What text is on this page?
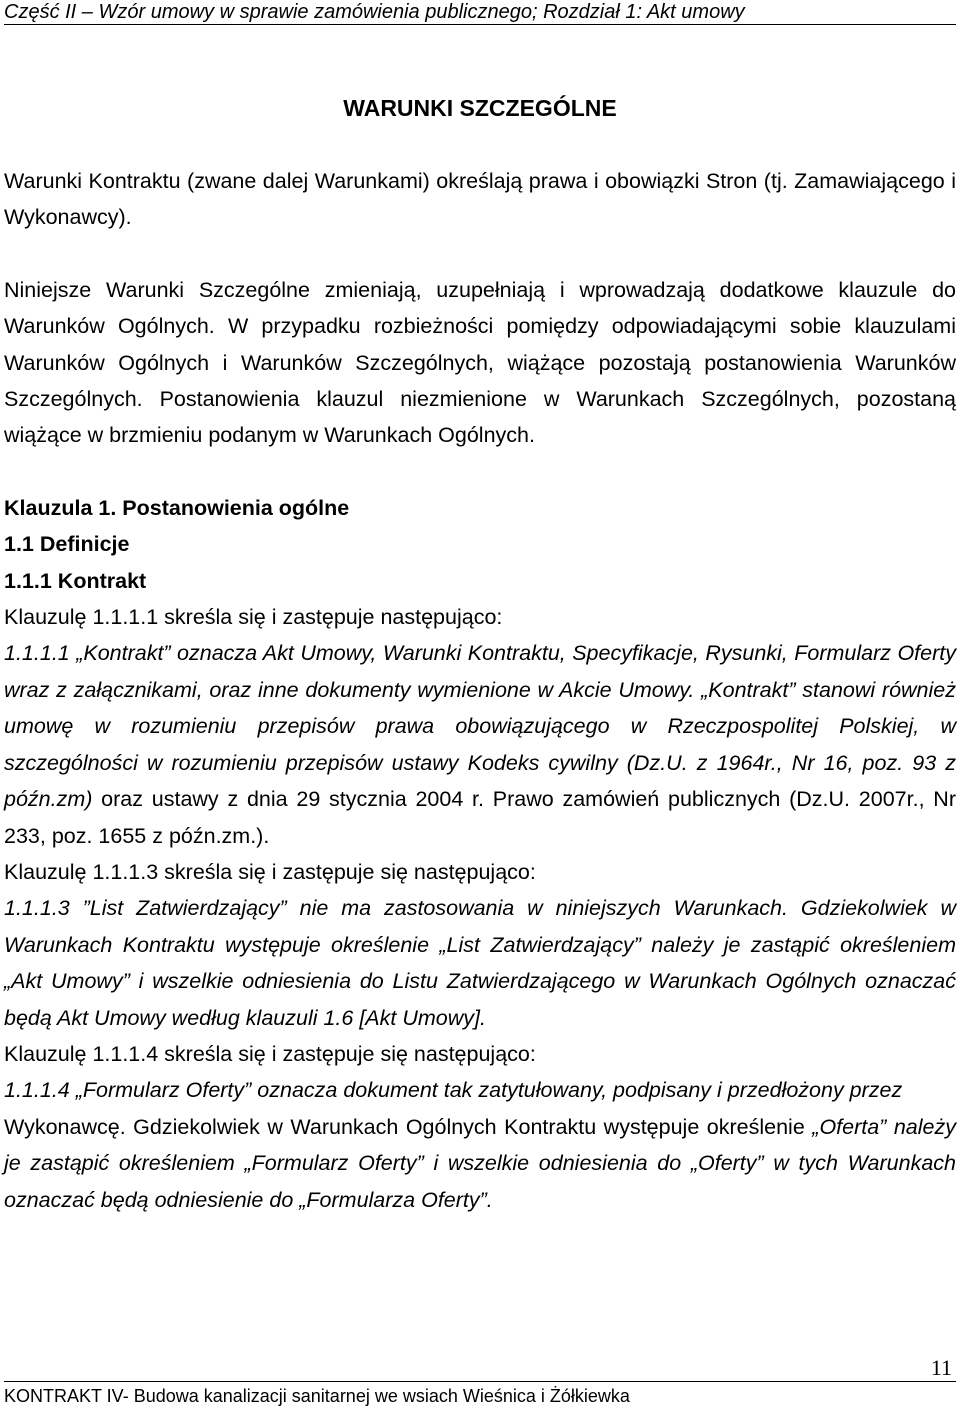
Część II – Wzór umowy w sprawie zamówienia publicznego; Rozdział 1: Akt umowy
WARUNKI SZCZEGÓLNE

Warunki Kontraktu (zwane dalej Warunkami) określają prawa i obowiązki Stron (tj. Zamawiającego i Wykonawcy).

Niniejsze Warunki Szczególne zmieniają, uzupełniają i wprowadzają dodatkowe klauzule do Warunków Ogólnych. W przypadku rozbieżności pomiędzy odpowiadającymi sobie klauzulami Warunków Ogólnych i Warunków Szczególnych, wiążące pozostają postanowienia Warunków Szczególnych. Postanowienia klauzul niezmienione w Warunkach Szczególnych, pozostaną wiążące w brzmieniu podanym w Warunkach Ogólnych.

Klauzula 1. Postanowienia ogólne

1.1 Definicje

1.1.1 Kontrakt

Klauzulę 1.1.1.1 skreśla się i zastępuje następująco:

1.1.1.1 „Kontrakt” oznacza Akt Umowy, Warunki Kontraktu, Specyfikacje, Rysunki, Formularz Oferty wraz z załącznikami, oraz inne dokumenty wymienione w Akcie Umowy. „Kontrakt” stanowi również umowę w rozumieniu przepisów prawa obowiązującego w Rzeczpospolitej Polskiej, w szczególności w rozumieniu przepisów ustawy Kodeks cywilny (Dz.U. z 1964r., Nr 16, poz. 93 z późn.zm) oraz ustawy z dnia 29 stycznia 2004 r. Prawo zamówień publicznych (Dz.U. 2007r., Nr 233, poz. 1655 z późn.zm.).

Klauzulę 1.1.1.3 skreśla się i zastępuje się następująco:

1.1.1.3 ”List Zatwierdzający” nie ma zastosowania w niniejszych Warunkach. Gdziekolwiek w Warunkach Kontraktu występuje określenie „List Zatwierdzający” należy je zastąpić określeniem „Akt Umowy” i wszelkie odniesienia do Listu Zatwierdzającego w Warunkach Ogólnych oznaczać będą Akt Umowy według klauzuli 1.6 [Akt Umowy].

Klauzulę 1.1.1.4 skreśla się i zastępuje się następująco:

1.1.1.4 „Formularz Oferty” oznacza dokument tak zatytułowany, podpisany i przedłożony przez

Wykonawcę. Gdziekolwiek w Warunkach Ogólnych Kontraktu występuje określenie „Oferta” należy je zastąpić określeniem „Formularz Oferty” i wszelkie odniesienia do „Oferty” w tych Warunkach oznaczać będą odniesienie do „Formularza Oferty”.

11
KONTRAKT IV- Budowa kanalizacji sanitarnej we wsiach Wieśnica i Żółkiewka
